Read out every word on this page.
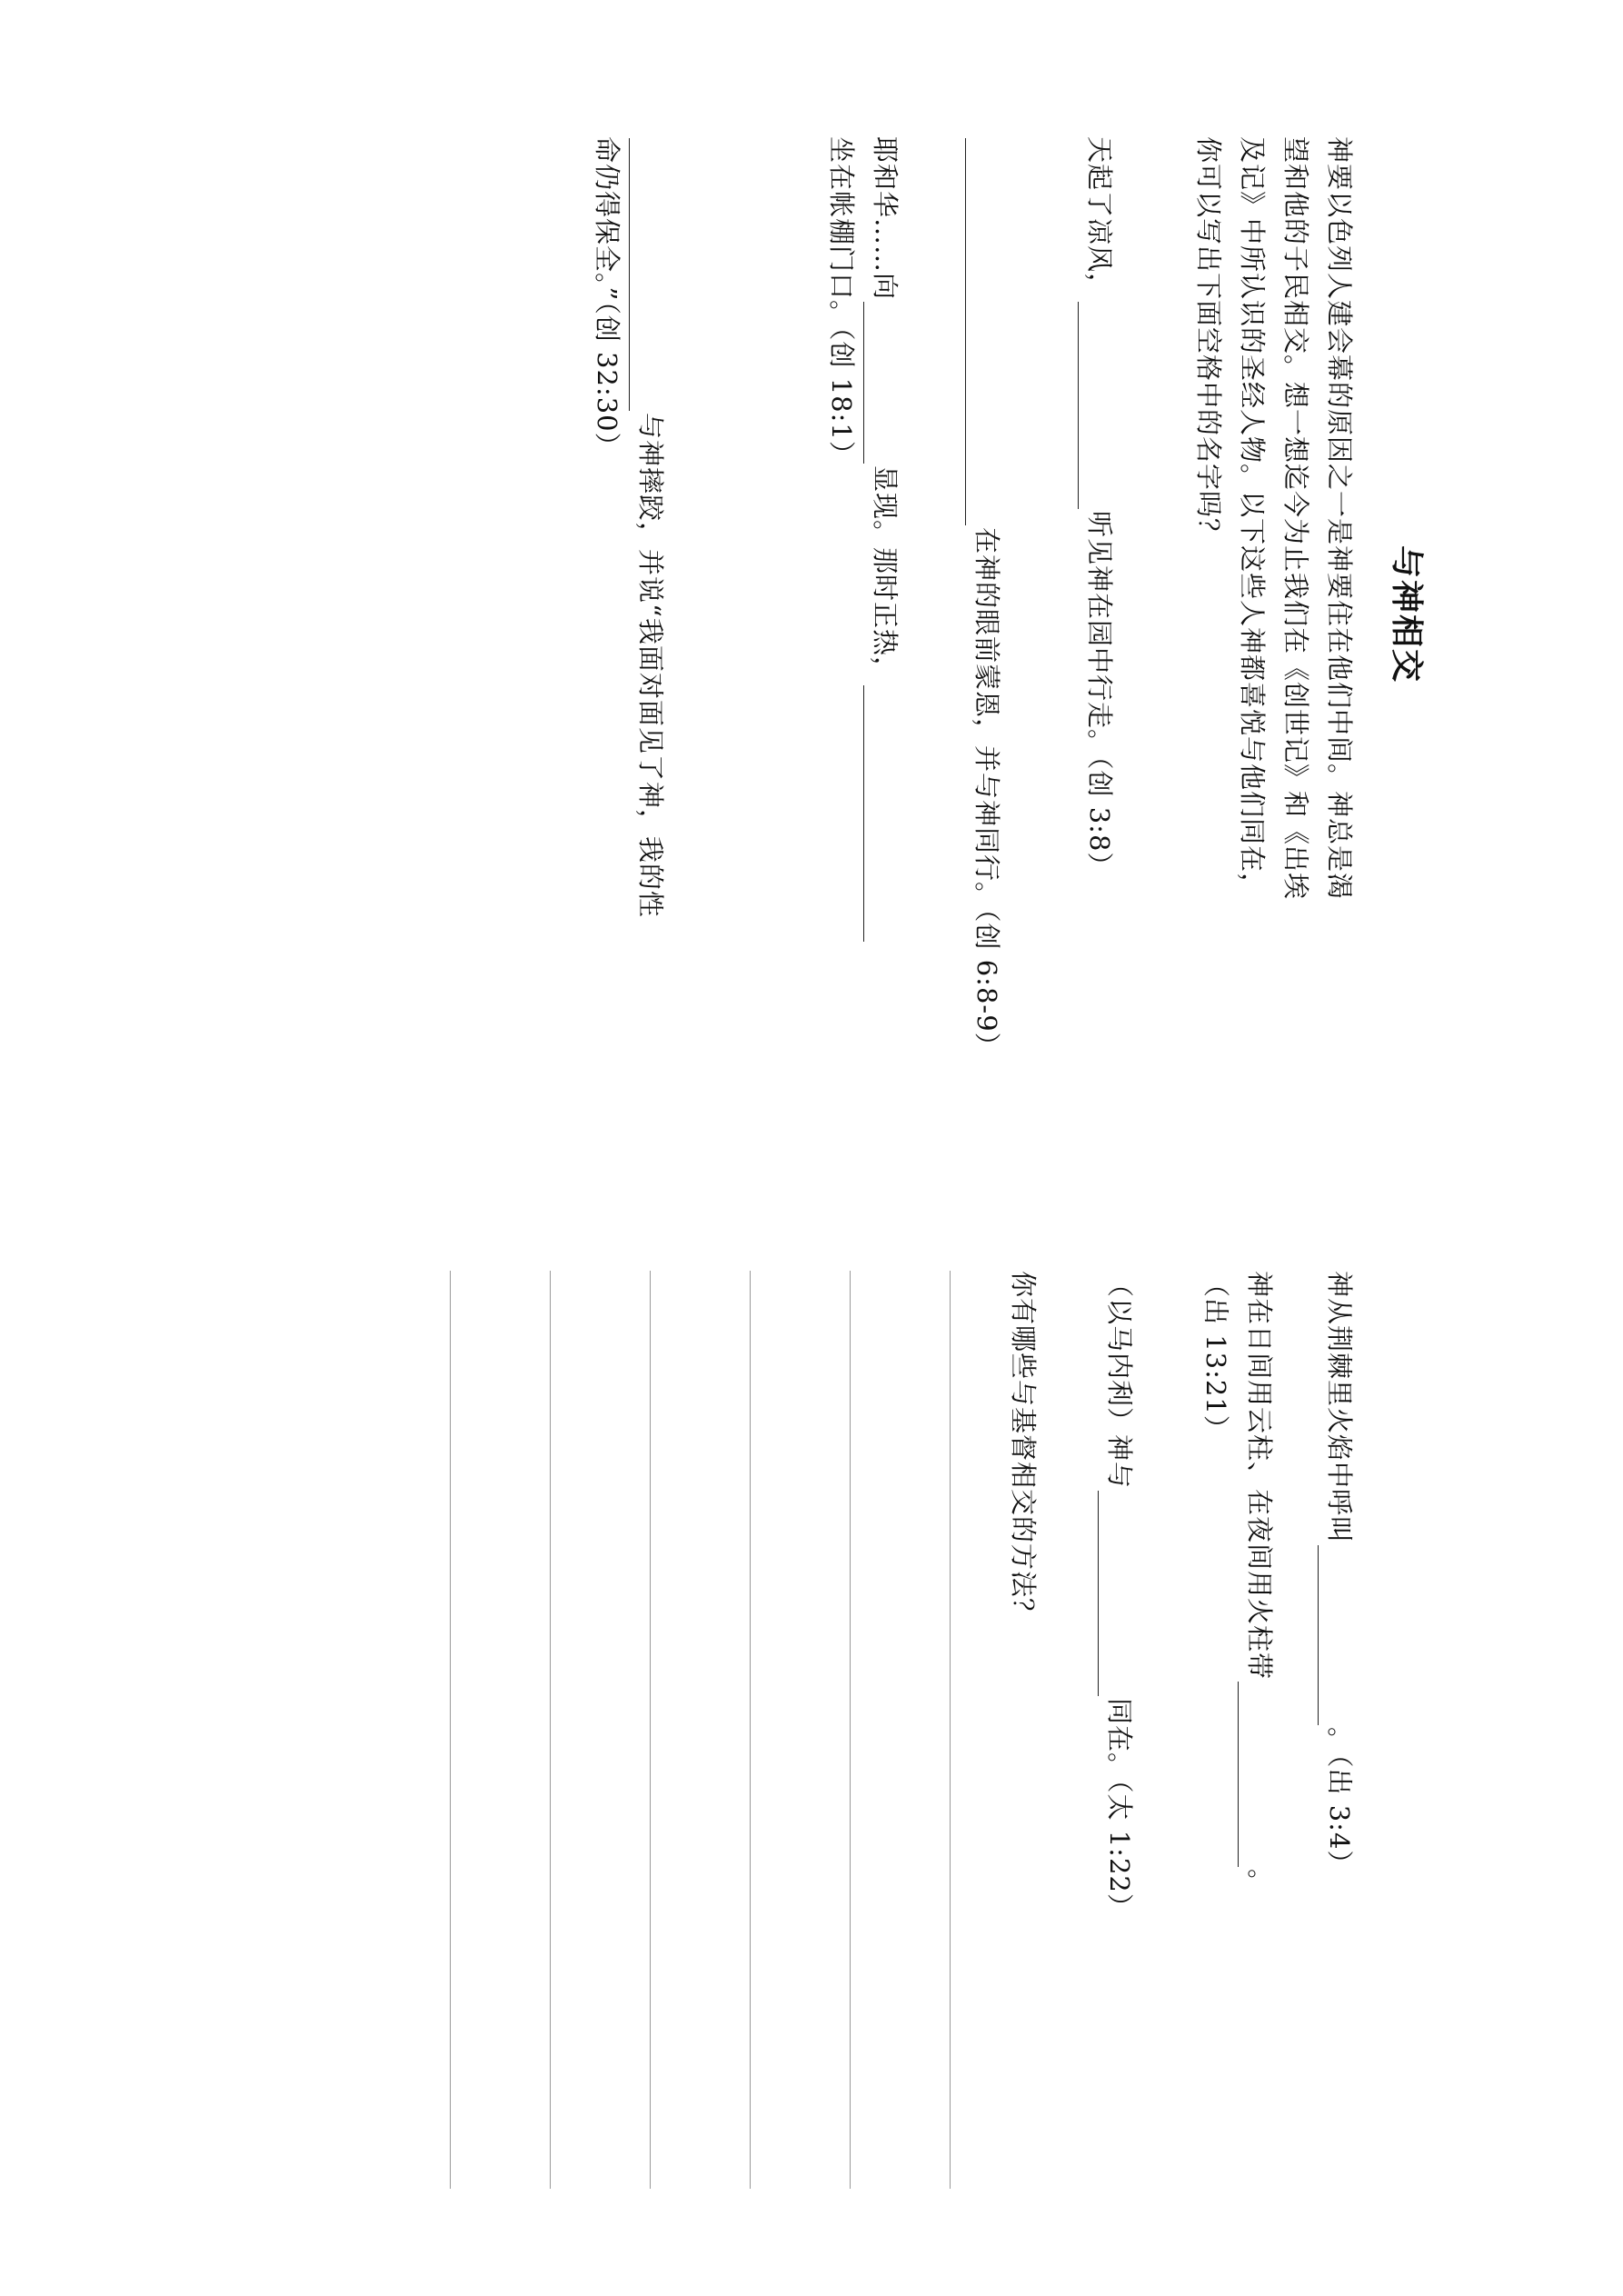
与神相交
神要以色列人建会幕的原因之一是神要住在他们中间。神总是渴
望和他的子民相交。想一想迄今为止我们在《创世记》和《出埃
及记》中所认识的圣经人物。以下这些人神都喜悦与他们同在，
你可以写出下面空格中的名字吗？
天起了凉风，听见神在园中行走。（创 3:8）
在神的眼前蒙恩，并与神同行。（创 6:8-9）
耶和华……向显现。那时正热，
坐在帐棚门口。（创 18:1）
与神摔跤，并说“我面对面见了神，我的性
命仍得保全。”（创 32:30）
神从荆棘里火焰中呼叫。（出 3:4）
神在日间用云柱、在夜间用火柱带。
（出 13:21）
（以马内利）神与同在。（太 1:22）
你有哪些与基督相交的方法？
